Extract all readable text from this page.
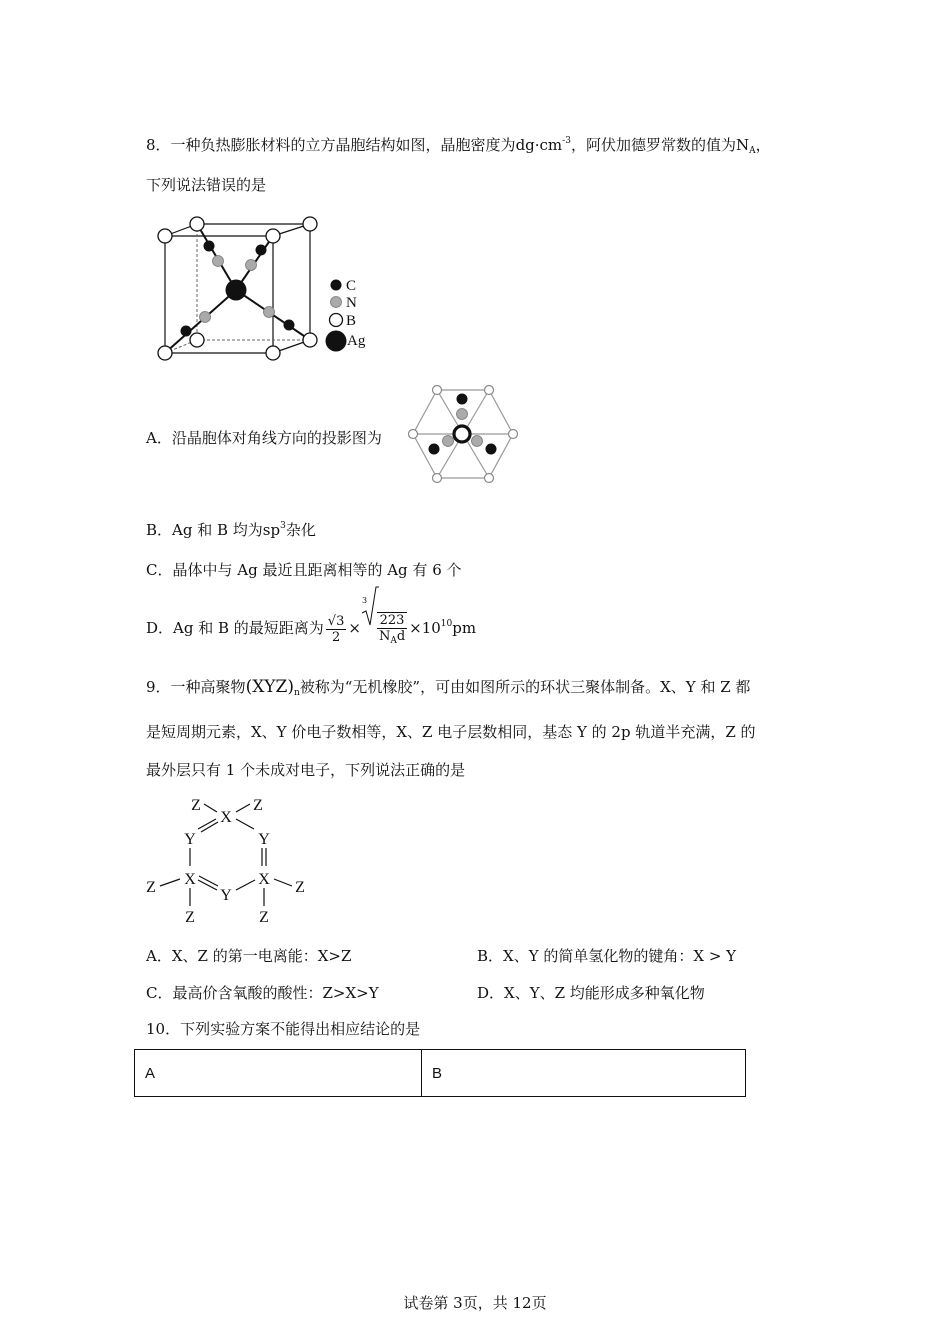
8．一种负热膨胀材料的立方晶胞结构如图，晶胞密度为$dg\cdot cm^{-3}$，阿伏加德罗常数的值为$N_A$，
下列说法错误的是
C
N
B
Ag
A．沿晶胞体对角线方向的投影图为
B．Ag 和 B 均为$sp^3$杂化
C．晶体中与 Ag 最近且距离相等的 Ag 有 6 个
D．Ag 和 B 的最短距离为 $\frac{√3}{2}$ ×
3
$\frac{223}{N_Ad} \times 10^{10}pm$
9．一种高聚物$(XYZ)_n$被称为“无机橡胶”，可由如图所示的环状三聚体制备。X、Y 和 Z 都
是短周期元素，X、Y 价电子数相等，X、Z 电子层数相同，基态 Y 的 2p 轨道半充满，Z 的
最外层只有 1 个未成对电子，下列说法正确的是
Z	Z
X
Y	Y
X	X
Y
Z	Z
Z	Z
A．X、Z 的第一电离能：X>Z	B．X、Y 的简单氢化物的键角：X > Y
C．最高价含氧酸的酸性：Z>X>Y	D．X、Y、Z 均能形成多种氧化物
10．下列实验方案不能得出相应结论的是
A	B
试卷第 3页，共 12页
